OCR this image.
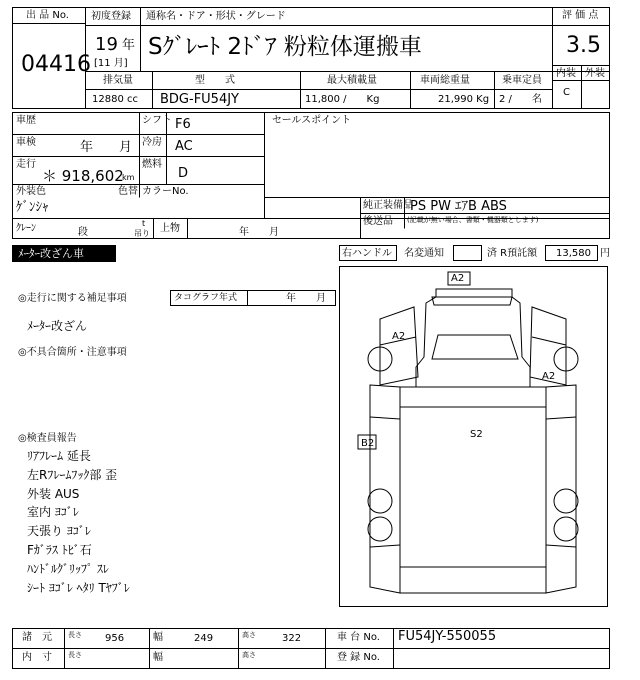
出 品 No.
04416
初度登録
19 年
[11 月]
通称名・ドア・形状・グレード
Sｸﾞﾚｰﾄ 2ﾄﾞｱ 粉粒体運搬車
評 価 点
3.5
内装 外装
C
排気量
12880 cc
型　　式
BDG-FU54JY
最大積載量
11,800 /　　Kg
車両総重量
21,990 Kg
乗車定員
2 /　　名
車歴	シフト F6
車検	年　　月 冷房 AC
走行
＊ 918,602
km
燃料
D
外装色
ｹﾞﾝｼｬ
色替 カラーNo.
セールスポイント
純正装備品
PS PW ｴｱB ABS
後送品 (記載が無い場合、書類・機器類とします)
ｸﾚｰﾝ	段
t
吊り 上物	年　　月
ﾒｰﾀｰ改ざん車	右ハンドル 名変通知	済 R預託額	13,580 円
◎走行に関する補足事項	タコグラフ年式	年　　月
ﾒｰﾀｰ改ざん
◎不具合箇所・注意事項
◎検査員報告
ﾘｱﾌﾚｰﾑ 延長
左Rﾌﾚｰﾑﾌｯｸ部 歪
外装 AUS
室内 ﾖｺﾞﾚ
天張り ﾖｺﾞﾚ
Fｶﾞﾗｽ ﾄﾋﾞ石
ﾊﾝﾄﾞﾙｸﾞﾘｯﾌﾟ ｽﾚ
ｼｰﾄ ﾖｺﾞﾚ ﾍﾀﾘ Tﾔﾌﾞﾚ
A2
A2
A2
S2
B2
諸　元 長さ 956	幅	249	高さ	322	車 台 No. FU54JY-550055
内　寸 長さ	幅	高さ	登 録 No.
